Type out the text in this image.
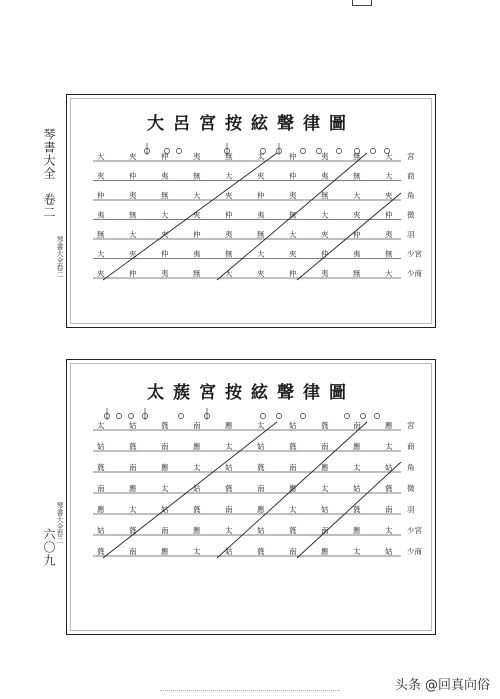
琴書大全　卷二
六〇九
琴書大全卷二
琴書大全卷二
大呂宮按絃聲律圖
大	夾	仲	夷	無	太	仲	夷	無	大 宮
夾	仲	夷	無	大	夾	仲	夷	無	大 商
仲	夷	無	大	夾	仲	夷	無	大	夾 角
夷	無	大	夾	仲	夷	無	大	夾	仲 徵
無	大	夾	仲	夷	無	大	夾	仲	夷 羽
大	夾	仲	夷	無	大	夾	仲	夷	無 少宮
夾	仲	夷	無	大	夾	仲	夷	無	大 少商
太蔟宮按絃聲律圖
太	姑	蕤	南	應	太	姑	蕤	南	應 宮
姑	蕤	南	應	太	姑	蕤	南	應	太 商
蕤	南	應	太	姑	蕤	南	應	太	姑 角
南	應	太	姑	蕤	南	應	太	姑	蕤 徵
應	太	姑	蕤	南	應	太	姑	蕤	南 羽
姑	蕤	南	應	太	姑	蕤	南	應	太 少宮
蕤	南	應	太	姑	蕤	南	應	太	姑 少商
头条 @回真向俗
